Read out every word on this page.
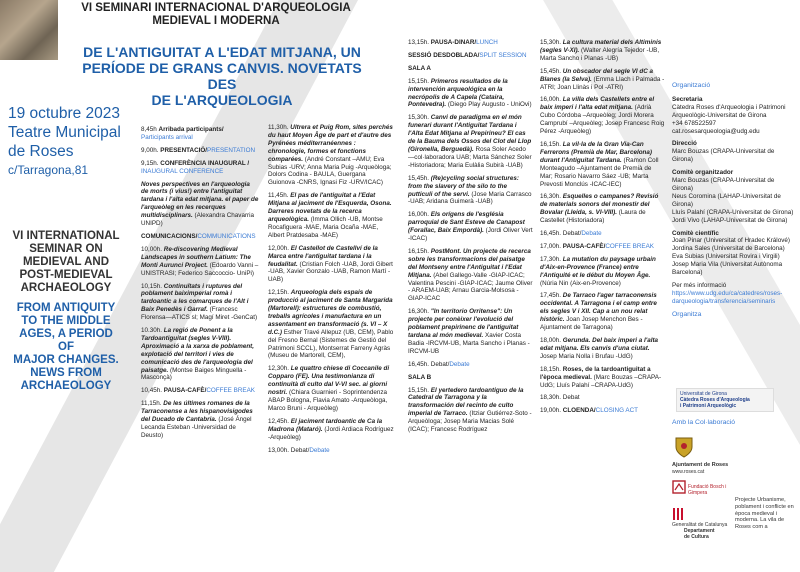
VI SEMINARI INTERNACIONAL D'ARQUEOLOGIA
MEDIEVAL I MODERNA
DE L'ANTIGUITAT A L'EDAT MITJANA, UN
PERÍODE DE GRANS CANVIS. NOVETATS DES
DE L'ARQUEOLOGIA
19 octubre 2023
Teatre Municipal
de Roses
c/Tarragona,81
VI INTERNATIONAL
SEMINAR ON
MEDIEVAL AND
POST-MEDIEVAL
ARCHAEOLOGY
FROM ANTIQUITY
TO THE MIDDLE
AGES, A PERIOD
OF
MAJOR CHANGES.
NEWS FROM
ARCHAEOLOGY

8,45h Arribada participants/
Participants arrival

9,00h. PRESENTACIÓ/PRESENTATION

9,15h. CONFERÈNCIA INAUGURAL /
INAUGURAL CONFERENCE

Noves perspectives en l'arqueologia de morts (i vius!) entre l'antiguitat tardana i l'alta edat mitjana. el paper de l'arqueòleg en les recerques multidisciplinars. (Alexandra Chavarria UNIPD)

COMUNICACIONS/COMMUNICATIONS

10,00h. Re-discovering Medieval Landscapes in southern Latium: The Monti Aurunci Project. (Edoardo Vanni –UNISTRASI; Federico Saccoccio- UniPi)

10,15h. Continuïtats i ruptures del poblament baiximperial romà i tardoantic a les comarques de l'Alt i Baix Penedès i Garraf. (Francesc Florensa—ATICS sl; Magí Miret -GenCat)

10.30h. La regió de Ponent a la Tardoantiguitat (segles V-VIII). Aproximació a la xarxa de poblament, explotació del territori i vies de comunicació des de l'arqueologia del paisatge. (Montse Baiges Minguella - Masconçà)

10,45h. PAUSA-CAFÈ/COFFEE BREAK

11,15h. De les últimes romanes de la Tarraconense a les hispanovisigodes del Ducado de Cantabria. (José Ángel Lecanda Esteban -Universidad de Deusto)

11,30h. Ultrera et Puig Rom, sites perchés du haut Moyen Âge de part et d'autre des Pyrénées méditerranéennes : chronologie, formes et fonctions comparées. (André Constant –AMU; Eva Subias -URV; Anna Maria Puig -Arqueòloga; Dolors Codina - BAULA, Guergana Guionova -CNRS, Ignasi Fiz -URV/ICAC)

11,45h. El pas de l'antiguitat a l'Edat Mitjana al jaciment de l'Esquerda, Osona. Darreres novetats de la recerca arqueològica. (Imma Ollich -UB, Montse Rocafiguera -MAE, Maria Ocaña -MAE, Albert Pratdesaba -MAE)

12,00h. El Castellot de Castellví de la Marca entre l'antiguitat tardana i la feudalitat. (Cristian Folch -UAB, Jordi Gibert -UAB, Xavier Gonzalo -UAB, Ramon Martí -UAB)

12,15h. Arqueologia dels espais de producció al jaciment de Santa Margarida (Martorell): estructures de combustió, treballs agrícoles i manufactura en un assentament en transformació (s. VI – X d.C.) Esther Travé Allepuz (UB, CEM), Pablo del Fresno Bernal (Sistemes de Gestió del Patrimoni SCCL), Montserrat Farreny Agràs (Museu de Martorell, CEM),

12,30h. Le quattro chiese di Coccanile di Copparo (FE). Una testimonianza di continuità di culto dal V-VI sec. ai giorni nostri. (Chiara Guarnieri - Soprintendenza ABAP Bologna, Flavia Amato -Arqueòloga, Marco Bruni - Arqueòleg)

12,45h. El jaciment tardoantic de Ca la Madrona (Mataró). (Jordi Ardiaca Rodríguez -Arqueòleg)

13,00h. Debat/Debate

13,15h. PAUSA-DINAR/LUNCH

SESSIÓ DESDOBLADA/SPLIT SESSION

SALA A

15,15h. Primeros resultados de la intervención arqueológica en la necrópolis de A Capela (Cataira, Pontevedra). (Diego Play Augusto - UniOvi)

15,30h. Canvi de paradigma en el món funerari durant l'Antiguitat Tardana i l'Alta Edat Mitjana al Prepirineu? El cas de la Bauma dels Ossos del Clot del Llop (Gironella, Berguedà). Rosa Soler Acedo —col·laboradora UAB; Marta Sánchez Soler -Historiadora; Maria Eulàlia Subirà -UAB)

15,45h. (Re)cycling social structures: from the slavery of the silo to the putticuli of the servi. (Jose Maria Carrasco -UAB; Aridana Guimerà -UAB)

16,00h. Els orígens de l'església parroquial de Sant Esteve de Canapost (Forallac, Baix Empordà). (Jordi Oliver Vert -ICAC)

16,15h. PostMont. Un projecte de recerca sobre les transformacions del paisatge del Montseny entre l'Antiguitat i l'Edat Mitjana. (Abel Gallego-Valle -GIAP-ICAC; Valentina Pescini -GIAP-ICAC; Jaume Oliver - ARAEM-UAB; Arnau Garcia-Molsosa - GIAP-ICAC

16,30h. "In territorio Orritense": Un projecte per conèixer l'evolució del poblament prepirinenc de l'antiguitat tardana al món medieval. Xavier Costa Badia -IRCVM-UB, Marta Sancho i Planas -IRCVM-UB

16,45h. Debat/Debate

SALA B

15,15h. El yertedero tardoantiguo de la Catedral de Tarragona y la transformación del recinto de culto imperial de Tarraco. (Itziar Gutiérrez-Soto -Arqueòloga; Josep Maria Macias Solé (ICAC); Francesc Rodríguez

15,30h. La cultura material dels Altiminis (segles V-XI). (Walter Alegría Tejedor -UB, Marta Sancho i Planas -UB)

15,45h. Un obscador del segle VI dC a Blanes (la Selva). (Emma Llach i Palmada -ATRI; Joan Llinàs i Pol -ATRI)

16,00h. La villa dels Castellets entre el baix imperi i l'alta edat mitjana. (Adrià Cubo Córdoba –Arqueòleg; Jordi Morera Camprubí –Arqueòleg; Josep Francesc Roig Pérez -Arqueòleg)

16,15h. La vil·la de la Gran Via-Can Ferrerons (Premià de Mar, Barcelona) durant l'Antiguitat Tardana. (Ramon Coll Monteagudo –Ajuntament de Premià de Mar; Rosario Navarro Sáez -UB; Marta Prevosti Monclús -ICAC-IEC)

16,30h. Esquelles o campanes? Revisió de materials sonors del monestir del Bovalar (Lleida, s. VI-VIII). (Laura de Castellet (Historiadora)

16,45h. Debat/Debate

17,00h. PAUSA-CAFÈ/COFFEE BREAK

17,30h. La mutation du paysage urbain d'Aix-en-Provence (France) entre l'Antiquité et le début du Moyen Âge. (Núria Nin (Aix-en-Provence)

17,45h. De Tarraco l'ager tarraconensis occidental. A Tarragona i el camp entre els segles V i XII. Cap a un nou relat històric. Joan Josep Menchon Bes -Ajuntament de Tarragona)

18,00h. Gerunda. Del baix imperi a l'alta edat mitjana. Els canvis d'una ciutat. Josep Maria Nolla i Brufau -UdG)

18,15h. Roses, de la tardoantiguitat a l'època medieval. (Marc Bouzas –CRAPA-UdG; Lluís Palahí –CRAPA-UdG)

18,30h. Debat

19,00h. CLOENDA/CLOSING ACT

Organització

Secretaria
Càtedra Roses d'Arqueologia i Patrimoni Arqueològic-Universitat de Girona
+34 678522597
cat.rosesarqueologia@udg.edu

Direcció
Marc Bouzas (CRAPA-Universitat de Girona)

Comitè organitzador
Marc Bouzas (CRAPA-Universitat de Girona)
Neus Coromina (LAHAP-Universitat de Girona)
Lluís Palahí (CRAPA-Universitat de Girona)
Jordi Vivo (LAHAP-Universitat de Girona)

Comitè científic
Joan Pinar (Universitat of Hradec Králové)
Jordina Sales (Universitat de Barcelona)
Eva Subias (Universitat Rovira i Virgili)
Josep Maria Vila (Universitat Autònoma Barcelona)

Per més informació
https://www.udg.edu/ca/catedres/roses-darqueologia/transferencia/seminaris

Organitza
Universitat de Girona
Càtedra Roses d'Arqueologia
i Patrimoni Arqueològic
Amb la Col·laboració
Ajuntament de Roses
www.roses.cat
Fundació Bosch i Gimpera
Generalitat de Catalunya
Departament
de Cultura
Projecte Urbanisme, poblament i conflicte en època medieval i moderna. La vila de Roses com a
